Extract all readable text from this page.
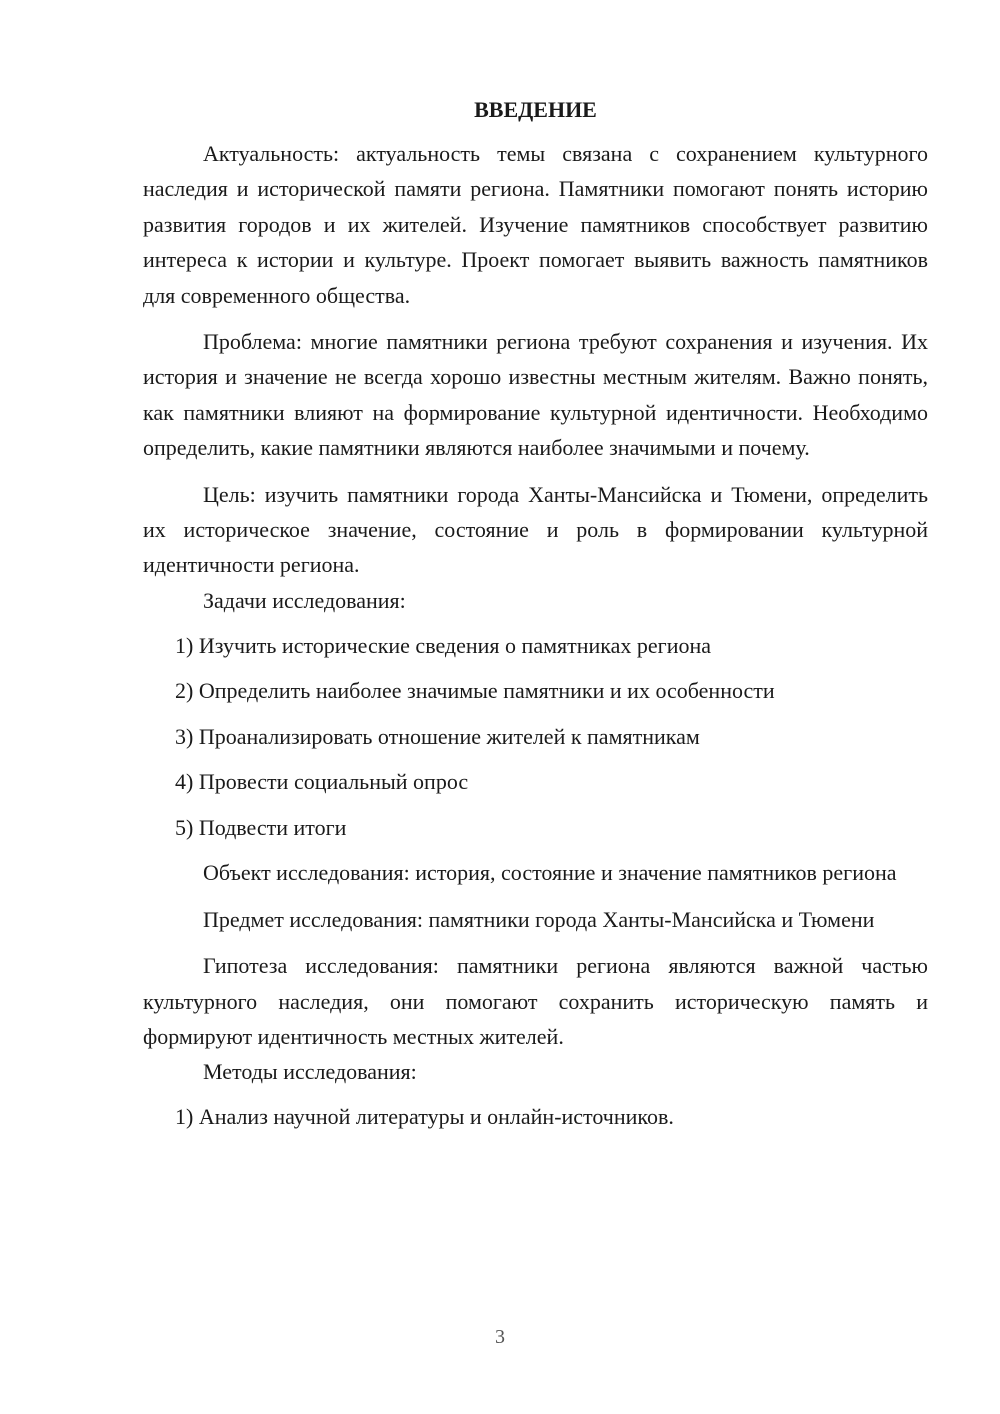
ВВЕДЕНИЕ

Актуальность: актуальность темы связана с сохранением культурного наследия и исторической памяти региона. Памятники помогают понять историю развития городов и их жителей. Изучение памятников способствует развитию интереса к истории и культуре. Проект помогает выявить важность памятников для современного общества.

Проблема: многие памятники региона требуют сохранения и изучения. Их история и значение не всегда хорошо известны местным жителям. Важно понять, как памятники влияют на формирование культурной идентичности. Необходимо определить, какие памятники являются наиболее значимыми и почему.

Цель: изучить памятники города Ханты-Мансийска и Тюмени, определить их историческое значение, состояние и роль в формировании культурной идентичности региона.

Задачи исследования:

1) Изучить исторические сведения о памятниках региона

2) Определить наиболее значимые памятники и их особенности

3) Проанализировать отношение жителей к памятникам

4) Провести социальный опрос

5) Подвести итоги

Объект исследования: история, состояние и значение памятников региона

Предмет исследования: памятники города Ханты-Мансийска и Тюмени

Гипотеза исследования: памятники региона являются важной частью культурного наследия, они помогают сохранить историческую память и формируют идентичность местных жителей.

Методы исследования:

1) Анализ научной литературы и онлайн-источников.

3
